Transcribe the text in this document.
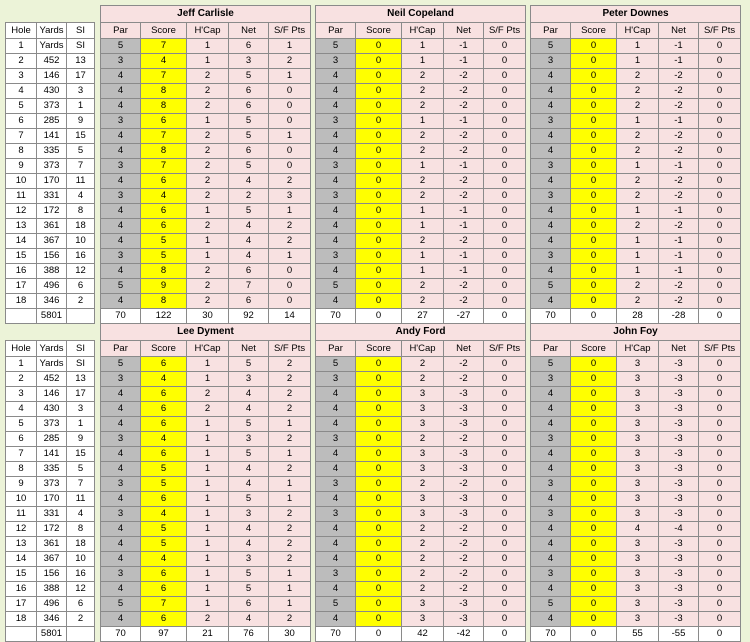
Hole	Yards	SI
1	Yards	SI
2	452	13
3	146	17
4	430	3
5	373	1
6	285	9
7	141	15
8	335	5
9	373	7
10	170	11
11	331	4
12	172	8
13	361	18
14	367	10
15	156	16
16	388	12
17	496	6
18	346	2
	5801	
Hole	Yards	SI
1	Yards	SI
2	452	13
3	146	17
4	430	3
5	373	1
6	285	9
7	141	15
8	335	5
9	373	7
10	170	11
11	331	4
12	172	8
13	361	18
14	367	10
15	156	16
16	388	12
17	496	6
18	346	2
	5801	
Jeff Carlisle				
Par	Score	H'Cap	Net	S/F Pts
5	7	1	6	1
3	4	1	3	2
4	7	2	5	1
4	8	2	6	0
4	8	2	6	0
3	6	1	5	0
4	7	2	5	1
4	8	2	6	0
3	7	2	5	0
4	6	2	4	2
3	4	2	2	3
4	6	1	5	1
4	6	2	4	2
4	5	1	4	2
3	5	1	4	1
4	8	2	6	0
5	9	2	7	0
4	8	2	6	0
70	122	30	92	14
Neil Copeland				
Par	Score	H'Cap	Net	S/F Pts
5	0	1	-1	0
3	0	1	-1	0
4	0	2	-2	0
4	0	2	-2	0
4	0	2	-2	0
3	0	1	-1	0
4	0	2	-2	0
4	0	2	-2	0
3	0	1	-1	0
4	0	2	-2	0
3	0	2	-2	0
4	0	1	-1	0
4	0	1	-1	0
4	0	2	-2	0
3	0	1	-1	0
4	0	1	-1	0
5	0	2	-2	0
4	0	2	-2	0
70	0	27	-27	0
Peter Downes				
Par	Score	H'Cap	Net	S/F Pts
5	0	1	-1	0
3	0	1	-1	0
4	0	2	-2	0
4	0	2	-2	0
4	0	2	-2	0
3	0	1	-1	0
4	0	2	-2	0
4	0	2	-2	0
3	0	1	-1	0
4	0	2	-2	0
3	0	2	-2	0
4	0	1	-1	0
4	0	2	-2	0
4	0	1	-1	0
3	0	1	-1	0
4	0	1	-1	0
5	0	2	-2	0
4	0	2	-2	0
70	0	28	-28	0
Lee Dyment				
Par	Score	H'Cap	Net	S/F Pts
5	6	1	5	2
3	4	1	3	2
4	6	2	4	2
4	6	2	4	2
4	6	1	5	1
3	4	1	3	2
4	6	1	5	1
4	5	1	4	2
3	5	1	4	1
4	6	1	5	1
3	4	1	3	2
4	5	1	4	2
4	5	1	4	2
4	4	1	3	2
3	6	1	5	1
4	6	1	5	1
5	7	1	6	1
4	6	2	4	2
70	97	21	76	30
Andy Ford				
Par	Score	H'Cap	Net	S/F Pts
5	0	2	-2	0
3	0	2	-2	0
4	0	3	-3	0
4	0	3	-3	0
4	0	3	-3	0
3	0	2	-2	0
4	0	3	-3	0
4	0	3	-3	0
3	0	2	-2	0
4	0	3	-3	0
3	0	3	-3	0
4	0	2	-2	0
4	0	2	-2	0
4	0	2	-2	0
3	0	2	-2	0
4	0	2	-2	0
5	0	3	-3	0
4	0	3	-3	0
70	0	42	-42	0
John Foy				
Par	Score	H'Cap	Net	S/F Pts
5	0	3	-3	0
3	0	3	-3	0
4	0	3	-3	0
4	0	3	-3	0
4	0	3	-3	0
3	0	3	-3	0
4	0	3	-3	0
4	0	3	-3	0
3	0	3	-3	0
4	0	3	-3	0
3	0	3	-3	0
4	0	4	-4	0
4	0	3	-3	0
4	0	3	-3	0
3	0	3	-3	0
4	0	3	-3	0
5	0	3	-3	0
4	0	3	-3	0
70	0	55	-55	0
